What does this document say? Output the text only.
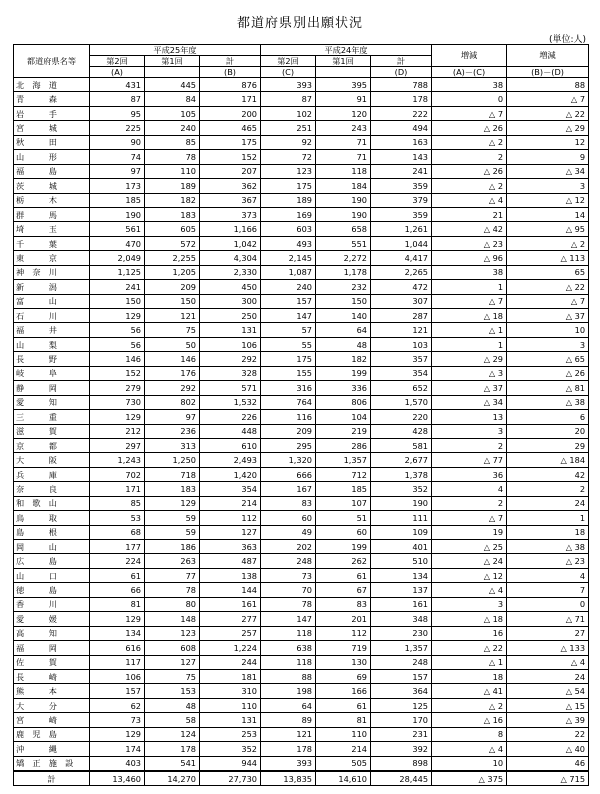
都道府県別出願状況
(単位:人)
都道府県名等	平成25年度			平成24年度			増減	増減
	第2回	第1回	計	第2回	第1回	計		
	(A)		(B)	(C)		(D)	(A)－(C)	(B)－(D)
北　海　道	431	445	876	393	395	788	38	88
青　　　森	87	84	171	87	91	178	0	△ 7
岩　　　手	95	105	200	102	120	222	△ 7	△ 22
宮　　　城	225	240	465	251	243	494	△ 26	△ 29
秋　　　田	90	85	175	92	71	163	△ 2	12
山　　　形	74	78	152	72	71	143	2	9
福　　　島	97	110	207	123	118	241	△ 26	△ 34
茨　　　城	173	189	362	175	184	359	△ 2	3
栃　　　木	185	182	367	189	190	379	△ 4	△ 12
群　　　馬	190	183	373	169	190	359	21	14
埼　　　玉	561	605	1,166	603	658	1,261	△ 42	△ 95
千　　　葉	470	572	1,042	493	551	1,044	△ 23	△ 2
東　　　京	2,049	2,255	4,304	2,145	2,272	4,417	△ 96	△ 113
神　奈　川	1,125	1,205	2,330	1,087	1,178	2,265	38	65
新　　　潟	241	209	450	240	232	472	1	△ 22
富　　　山	150	150	300	157	150	307	△ 7	△ 7
石　　　川	129	121	250	147	140	287	△ 18	△ 37
福　　　井	56	75	131	57	64	121	△ 1	10
山　　　梨	56	50	106	55	48	103	1	3
長　　　野	146	146	292	175	182	357	△ 29	△ 65
岐　　　阜	152	176	328	155	199	354	△ 3	△ 26
静　　　岡	279	292	571	316	336	652	△ 37	△ 81
愛　　　知	730	802	1,532	764	806	1,570	△ 34	△ 38
三　　　重	129	97	226	116	104	220	13	6
滋　　　賀	212	236	448	209	219	428	3	20
京　　　都	297	313	610	295	286	581	2	29
大　　　阪	1,243	1,250	2,493	1,320	1,357	2,677	△ 77	△ 184
兵　　　庫	702	718	1,420	666	712	1,378	36	42
奈　　　良	171	183	354	167	185	352	4	2
和　歌　山	85	129	214	83	107	190	2	24
鳥　　　取	53	59	112	60	51	111	△ 7	1
島　　　根	68	59	127	49	60	109	19	18
岡　　　山	177	186	363	202	199	401	△ 25	△ 38
広　　　島	224	263	487	248	262	510	△ 24	△ 23
山　　　口	61	77	138	73	61	134	△ 12	4
徳　　　島	66	78	144	70	67	137	△ 4	7
香　　　川	81	80	161	78	83	161	3	0
愛　　　媛	129	148	277	147	201	348	△ 18	△ 71
高　　　知	134	123	257	118	112	230	16	27
福　　　岡	616	608	1,224	638	719	1,357	△ 22	△ 133
佐　　　賀	117	127	244	118	130	248	△ 1	△ 4
長　　　崎	106	75	181	88	69	157	18	24
熊　　　本	157	153	310	198	166	364	△ 41	△ 54
大　　　分	62	48	110	64	61	125	△ 2	△ 15
宮　　　崎	73	58	131	89	81	170	△ 16	△ 39
鹿　児　島	129	124	253	121	110	231	8	22
沖　　　縄	174	178	352	178	214	392	△ 4	△ 40
矯　正　施　設	403	541	944	393	505	898	10	46
計	13,460	14,270	27,730	13,835	14,610	28,445	△ 375	△ 715
